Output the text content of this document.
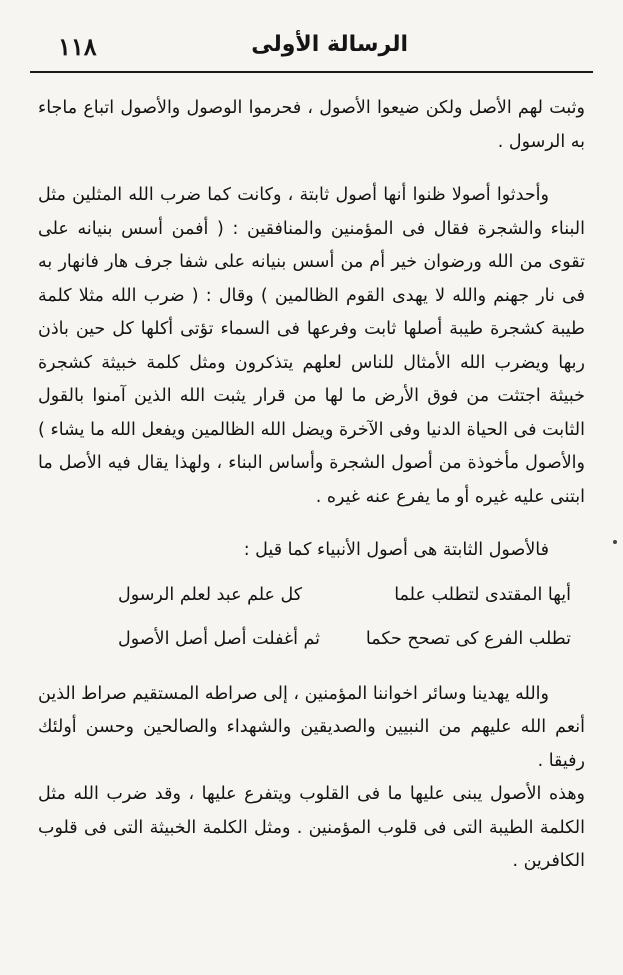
١١٨	الرسالة الأولى

وثبت لهم الأصل ولكن ضيعوا الأصول ، فحرموا الوصول والأصول اتباع ماجاء به الرسول .

وأحدثوا أصولا ظنوا أنها أصول ثابتة ، وكانت كما ضرب الله المثلين مثل البناء والشجرة فقال فى المؤمنين والمنافقين : ( أفمن أسس بنيانه على تقوى من الله ورضوان خير أم من أسس بنيانه على شفا جرف هار فانهار به فى نار جهنم والله لا يهدى القوم الظالمين ) وقال : ( ضرب الله مثلا كلمة طيبة كشجرة طيبة أصلها ثابت وفرعها فى السماء تؤتى أكلها كل حين باذن ربها ويضرب الله الأمثال للناس لعلهم يتذكرون ومثل كلمة خبيثة كشجرة خبيثة اجتثت من فوق الأرض ما لها من قرار يثبت الله الذين آمنوا بالقول الثابت فى الحياة الدنيا وفى الآخرة ويضل الله الظالمين ويفعل الله ما يشاء ) والأصول مأخوذة من أصول الشجرة وأساس البناء ، ولهذا يقال فيه الأصل ما ابتنى عليه غيره أو ما يفرع عنه غيره .

فالأصول الثابتة هى أصول الأنبياء كما قيل :

أيها المقتدى لتطلب علما	كل علم عبد لعلم الرسول
تطلب الفرع كى تصحح حكما	ثم أغفلت أصل أصل الأصول

والله يهدينا وسائر اخواننا المؤمنين ، إلى صراطه المستقيم صراط الذين أنعم الله عليهم من النبيين والصديقين والشهداء والصالحين وحسن أولئك رفيقا .

وهذه الأصول يبنى عليها ما فى القلوب ويتفرع عليها ، وقد ضرب الله مثل الكلمة الطيبة التى فى قلوب المؤمنين . ومثل الكلمة الخبيثة التى فى قلوب الكافرين .
